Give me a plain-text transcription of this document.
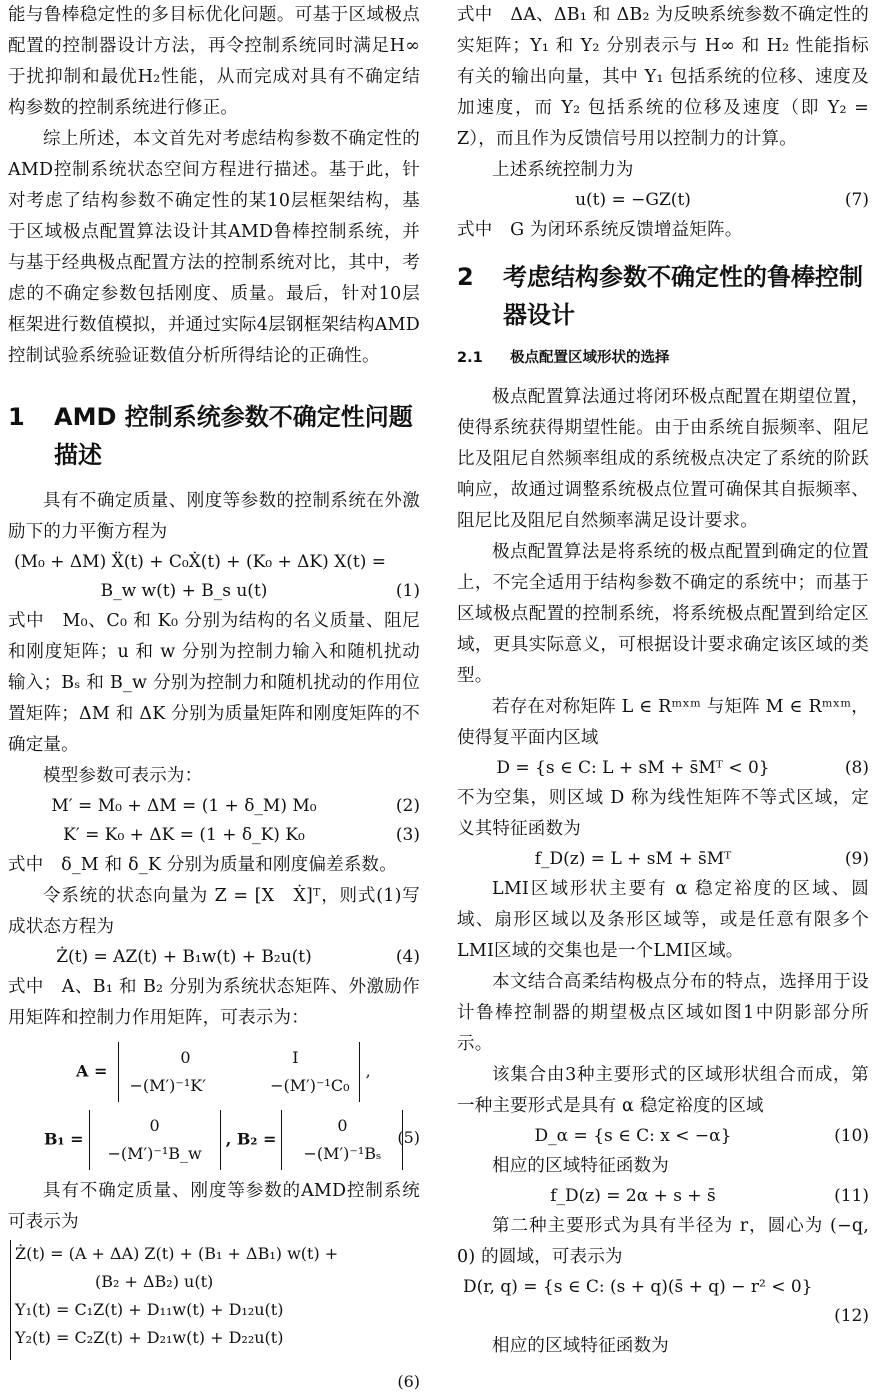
能与鲁棒稳定性的多目标优化问题。可基于区域极点配置的控制器设计方法，再令控制系统同时满足H∞于扰抑制和最优H₂性能，从而完成对具有不确定结构参数的控制系统进行修正。

综上所述，本文首先对考虑结构参数不确定性的AMD控制系统状态空间方程进行描述。基于此，针对考虑了结构参数不确定性的某10层框架结构，基于区域极点配置算法设计其AMD鲁棒控制系统，并与基于经典极点配置方法的控制系统对比，其中，考虑的不确定参数包括刚度、质量。最后，针对10层框架进行数值模拟，并通过实际4层钢框架结构AMD控制试验系统验证数值分析所得结论的正确性。

1 AMD 控制系统参数不确定性问题描述

具有不确定质量、刚度等参数的控制系统在外激励下的力平衡方程为

(M₀ + ΔM) Ẍ(t) + C₀Ẋ(t) + (K₀ + ΔK) X(t) =
B_w w(t) + B_s u(t)	(1)

式中　M₀、C₀ 和 K₀ 分别为结构的名义质量、阻尼和刚度矩阵；u 和 w 分别为控制力输入和随机扰动输入；Bₛ 和 B_w 分别为控制力和随机扰动的作用位置矩阵；ΔM 和 ΔK 分别为质量矩阵和刚度矩阵的不确定量。

模型参数可表示为：

M′ = M₀ + ΔM = (1 + δ_M) M₀	(2)
K′ = K₀ + ΔK = (1 + δ_K) K₀	(3)

式中　δ_M 和 δ_K 分别为质量和刚度偏差系数。

令系统的状态向量为 Z = [X　Ẋ]ᵀ，则式(1)写成状态方程为

Ż(t) = AZ(t) + B₁w(t) + B₂u(t)	(4)

式中　A、B₁ 和 B₂ 分别为系统状态矩阵、外激励作用矩阵和控制力作用矩阵，可表示为：

A =
0	I
−(M′)⁻¹K′	−(M′)⁻¹C₀
,
B₁ =
0
−(M′)⁻¹B_w
, B₂ =
0
−(M′)⁻¹Bₛ
(5)

具有不确定质量、刚度等参数的AMD控制系统可表示为

Ż(t) = (A + ΔA) Z(t) + (B₁ + ΔB₁) w(t) +
(B₂ + ΔB₂) u(t)
Y₁(t) = C₁Z(t) + D₁₁w(t) + D₁₂u(t)
Y₂(t) = C₂Z(t) + D₂₁w(t) + D₂₂u(t)
(6)

式中　ΔA、ΔB₁ 和 ΔB₂ 为反映系统参数不确定性的实矩阵；Y₁ 和 Y₂ 分别表示与 H∞ 和 H₂ 性能指标有关的输出向量，其中 Y₁ 包括系统的位移、速度及加速度，而 Y₂ 包括系统的位移及速度（即 Y₂ = Z），而且作为反馈信号用以控制力的计算。

上述系统控制力为

u(t) = −GZ(t)	(7)

式中　G 为闭环系统反馈增益矩阵。

2 考虑结构参数不确定性的鲁棒控制器设计
2.1 极点配置区域形状的选择

极点配置算法通过将闭环极点配置在期望位置，使得系统获得期望性能。由于由系统自振频率、阻尼比及阻尼自然频率组成的系统极点决定了系统的阶跃响应，故通过调整系统极点位置可确保其自振频率、阻尼比及阻尼自然频率满足设计要求。

极点配置算法是将系统的极点配置到确定的位置上，不完全适用于结构参数不确定的系统中；而基于区域极点配置的控制系统，将系统极点配置到给定区域，更具实际意义，可根据设计要求确定该区域的类型。

若存在对称矩阵 L ∈ Rᵐˣᵐ 与矩阵 M ∈ Rᵐˣᵐ，使得复平面内区域

D = {s ∈ C: L + sM + s̄Mᵀ < 0}	(8)

不为空集，则区域 D 称为线性矩阵不等式区域，定义其特征函数为

f_D(z) = L + sM + s̄Mᵀ	(9)

LMI区域形状主要有 α 稳定裕度的区域、圆域、扇形区域以及条形区域等，或是任意有限多个LMI区域的交集也是一个LMI区域。

本文结合高柔结构极点分布的特点，选择用于设计鲁棒控制器的期望极点区域如图1中阴影部分所示。

该集合由3种主要形式的区域形状组合而成，第一种主要形式是具有 α 稳定裕度的区域

D_α = {s ∈ C: x < −α}	(10)

相应的区域特征函数为

f_D(z) = 2α + s + s̄	(11)

第二种主要形式为具有半径为 r，圆心为 (−q, 0) 的圆域，可表示为

D(r, q) = {s ∈ C: (s + q)(s̄ + q) − r² < 0}
(12)

相应的区域特征函数为
